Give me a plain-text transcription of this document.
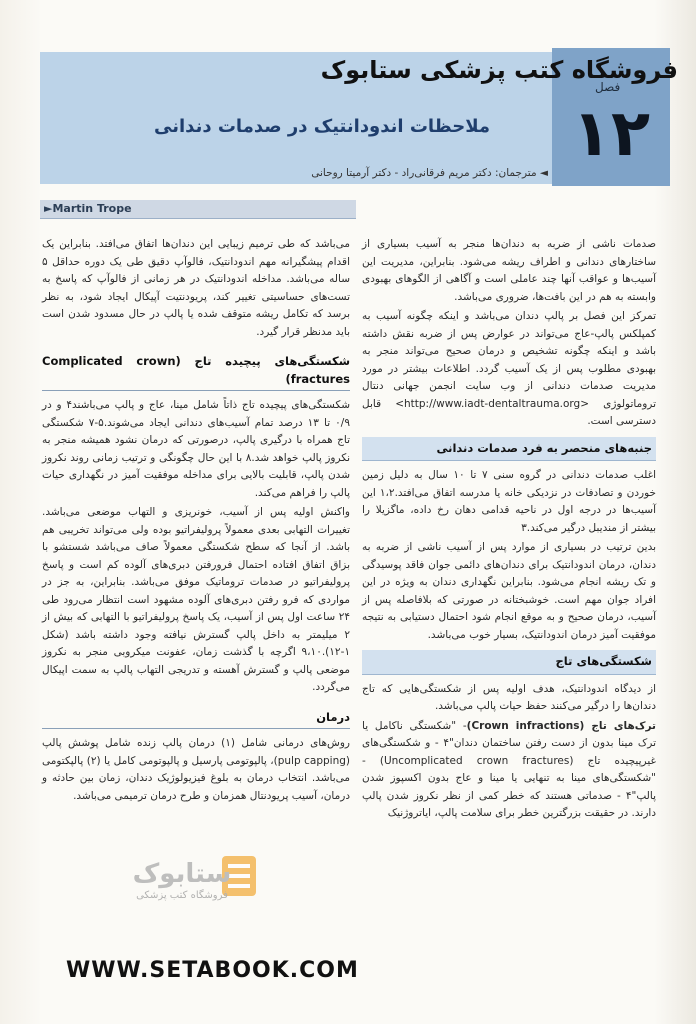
فروشگاه کتب پزشکی ستابوک
فصل
۱۲
ملاحظات اندودانتیک در صدمات دندانی
◄ مترجمان: دکتر مریم فرقانی‌راد - دکتر آرمیتا روحانی
►Martin Trope

صدمات ناشی از ضربه به دندان‌ها منجر به آسیب بسیاری از ساختارهای دندانی و اطراف ریشه می‌شود. بنابراین، مدیریت این آسیب‌ها و عواقب آنها چند عاملی است و آگاهی از الگوهای بهبودی وابسته به هم در این بافت‌ها، ضروری می‌باشد.

تمرکز این فصل بر پالپ دندان می‌باشد و اینکه چگونه آسیب به کمپلکس پالپ-عاج می‌تواند در عوارض پس از ضربه نقش داشته باشد و اینکه چگونه تشخیص و درمان صحیح می‌تواند منجر به بهبودی مطلوب پس از یک آسیب گردد. اطلاعات بیشتر در مورد مدیریت صدمات دندانی از وب سایت انجمن جهانی دنتال تروماتولوژی <http://www.iadt-dentaltrauma.org> قابل دسترسی است.

جنبه‌های منحصر به فرد صدمات دندانی

اغلب صدمات دندانی در گروه سنی ۷ تا ۱۰ سال به دلیل زمین خوردن و تصادفات در نزدیکی خانه یا مدرسه اتفاق می‌افتد.۱،۲ این آسیب‌ها در درجه اول در ناحیه قدامی دهان رخ داده، ماگزیلا را بیشتر از مندیبل درگیر می‌کند.۳

بدین ترتیب در بسیاری از موارد پس از آسیب ناشی از ضربه به دندان، درمان اندودانتیک برای دندان‌های دائمی جوان فاقد پوسیدگی و تک ریشه انجام می‌شود. بنابراین نگهداری دندان به ویژه در این افراد جوان مهم است. خوشبختانه در صورتی که بلافاصله پس از آسیب، درمان صحیح و به موقع انجام شود احتمال دستیابی به نتیجه موفقیت آمیز درمان اندودانتیک، بسیار خوب می‌باشد.

شکستگی‌های تاج

از دیدگاه اندودانتیک، هدف اولیه پس از شکستگی‌هایی که تاج دندان‌ها را درگیر می‌کنند حفظ حیات پالپ می‌باشد.

ترک‌های تاج (Crown infractions)- "شکستگی ناکامل یا ترک مینا بدون از دست رفتن ساختمان دندان"۴ - و شکستگی‌های غیرپیچیده تاج (Uncomplicated crown fractures) - "شکستگی‌های مینا به تنهایی یا مینا و عاج بدون اکسپوز شدن پالپ"۴ - صدماتی هستند که خطر کمی از نظر نکروز شدن پالپ دارند. در حقیقت بزرگترین خطر برای سلامت پالپ، ایاتروژنیک

می‌باشد که طی ترمیم زیبایی این دندان‌ها اتفاق می‌افتد. بنابراین یک اقدام پیشگیرانه مهم اندودانتیک، فالوآپ دقیق طی یک دوره حداقل ۵ ساله می‌باشد. مداخله اندودانتیک در هر زمانی از فالوآپ که پاسخ به تست‌های حساسیتی تغییر کند، پریودنتیت آپیکال ایجاد شود، به نظر برسد که تکامل ریشه متوقف شده یا پالپ در حال مسدود شدن است باید مدنظر قرار گیرد.

شکستگی‌های پیچیده تاج (Complicated crown fractures)

شکستگی‌های پیچیده تاج ذاتاً شامل مینا، عاج و پالپ می‌باشند۴ و در ۰/۹ تا ۱۳ درصد تمام آسیب‌های دندانی ایجاد می‌شوند.۵-۷ شکستگی تاج همراه با درگیری پالپ، درصورتی که درمان نشود همیشه منجر به نکروز پالپ خواهد شد.۸ با این حال چگونگی و ترتیب زمانی روند نکروز شدن پالپ، قابلیت بالایی برای مداخله موفقیت آمیز در نگهداری حیات پالپ را فراهم می‌کند.

واکنش اولیه پس از آسیب، خونریزی و التهاب موضعی می‌باشد. تغییرات التهابی بعدی معمولاً پرولیفراتیو بوده ولی می‌تواند تخریبی هم باشد. از آنجا که سطح شکستگی معمولاً صاف می‌باشد شستشو با بزاق اتفاق افتاده احتمال فرورفتن دبری‌های آلوده کم است و پاسخ پرولیفراتیو در صدمات تروماتیک موفق می‌باشد. بنابراین، به جز در مواردی که فرو رفتن دبری‌های آلوده مشهود است انتظار می‌رود طی ۲۴ ساعت اول پس از آسیب، یک پاسخ پرولیفراتیو با التهابی که بیش از ۲ میلیمتر به داخل پالپ گسترش نیافته وجود داشته باشد (شکل ۱-۱۲).۹،۱۰ اگرچه با گذشت زمان، عفونت میکروبی منجر به نکروز موضعی پالپ و گسترش آهسته و تدریجی التهاب پالپ به سمت اپیکال می‌گردد.

درمان

روش‌های درمانی شامل (۱) درمان پالپ زنده شامل پوشش پالپ (pulp capping)، پالپوتومی پارسیل و پالپوتومی کامل یا (۲) پالپکتومی می‌باشد. انتخاب درمان به بلوغ فیزیولوژیک دندان، زمان بین حادثه و درمان، آسیب پریودنتال همزمان و طرح درمان ترمیمی می‌باشد.

ستابوک
فروشگاه کتب پزشکی
WWW.SETABOOK.COM
